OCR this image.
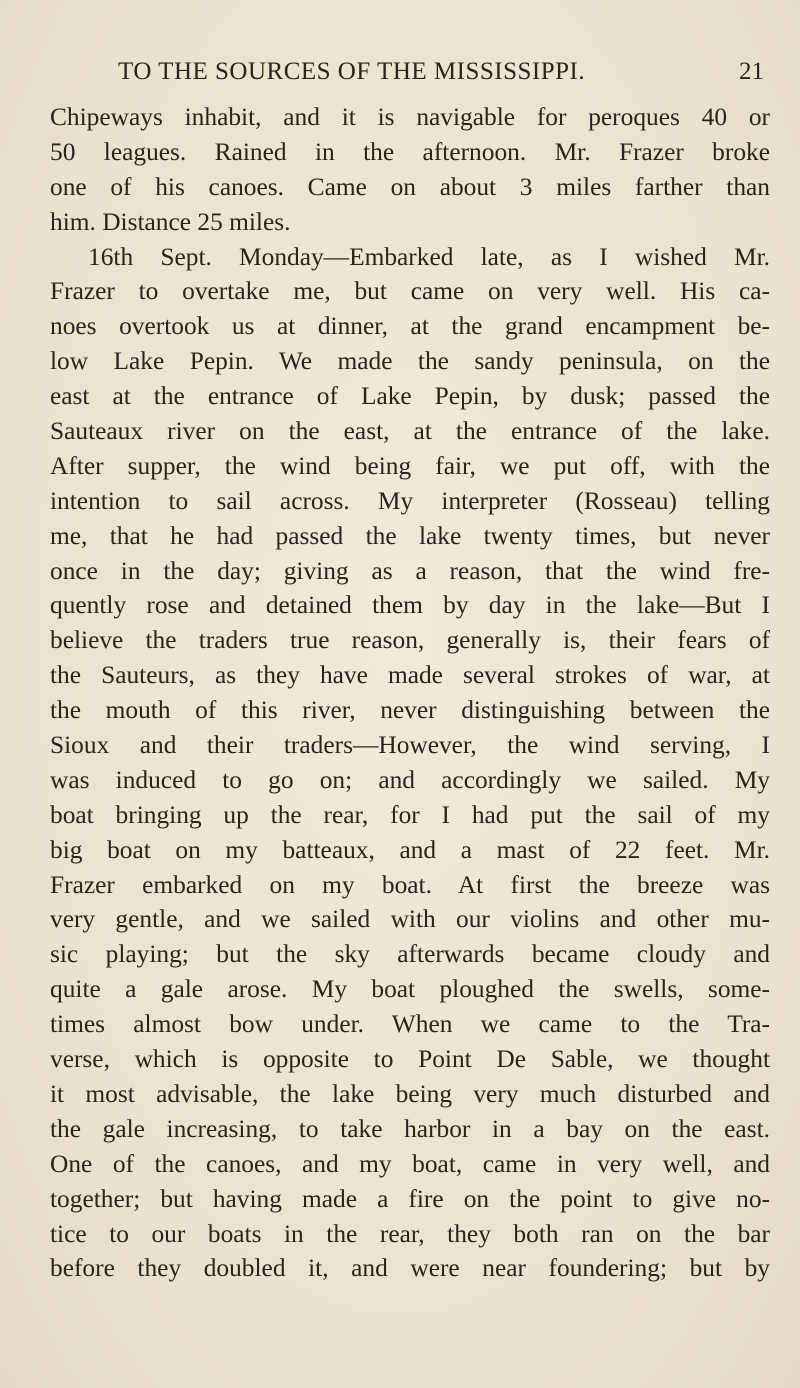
TO THE SOURCES OF THE MISSISSIPPI.	21
Chipeways inhabit, and it is navigable for peroques 40 or
50 leagues. Rained in the afternoon. Mr. Frazer broke
one of his canoes. Came on about 3 miles farther than
him. Distance 25 miles.
16th Sept. Monday—Embarked late, as I wished Mr.
Frazer to overtake me, but came on very well. His ca-
noes overtook us at dinner, at the grand encampment be-
low Lake Pepin. We made the sandy peninsula, on the
east at the entrance of Lake Pepin, by dusk; passed the
Sauteaux river on the east, at the entrance of the lake.
After supper, the wind being fair, we put off, with the
intention to sail across. My interpreter (Rosseau) telling
me, that he had passed the lake twenty times, but never
once in the day; giving as a reason, that the wind fre-
quently rose and detained them by day in the lake—But I
believe the traders true reason, generally is, their fears of
the Sauteurs, as they have made several strokes of war, at
the mouth of this river, never distinguishing between the
Sioux and their traders—However, the wind serving, I
was induced to go on; and accordingly we sailed. My
boat bringing up the rear, for I had put the sail of my
big boat on my batteaux, and a mast of 22 feet. Mr.
Frazer embarked on my boat. At first the breeze was
very gentle, and we sailed with our violins and other mu-
sic playing; but the sky afterwards became cloudy and
quite a gale arose. My boat ploughed the swells, some-
times almost bow under. When we came to the Tra-
verse, which is opposite to Point De Sable, we thought
it most advisable, the lake being very much disturbed and
the gale increasing, to take harbor in a bay on the east.
One of the canoes, and my boat, came in very well, and
together; but having made a fire on the point to give no-
tice to our boats in the rear, they both ran on the bar
before they doubled it, and were near foundering; but by
